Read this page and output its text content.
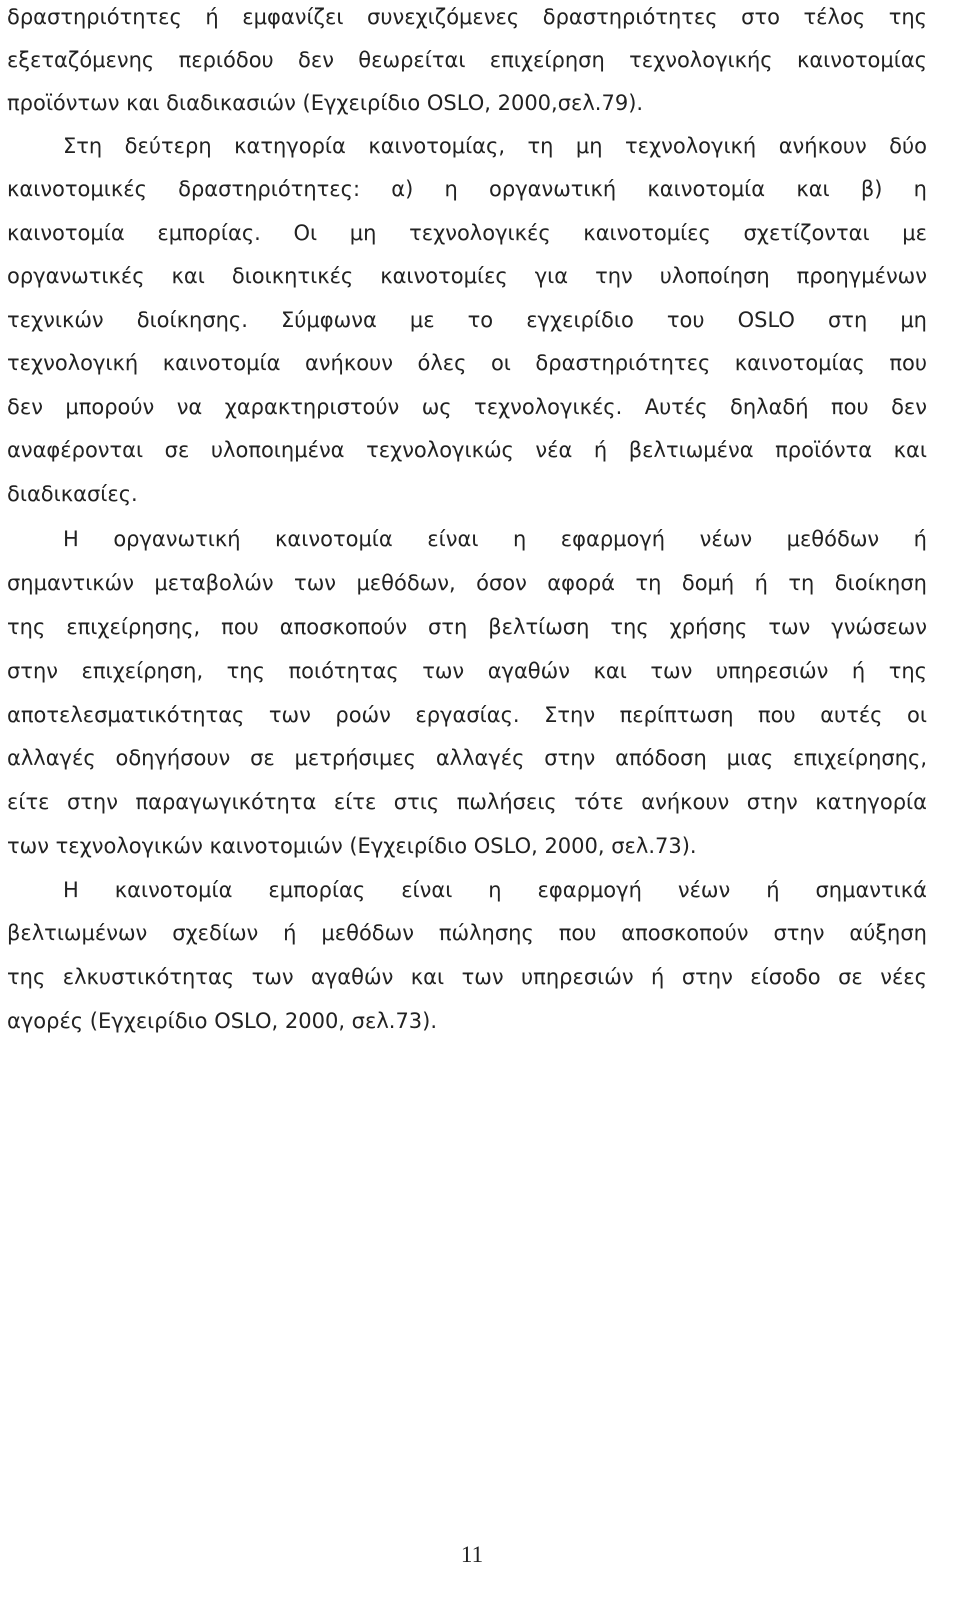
δραστηριότητες ή εμφανίζει συνεχιζόμενες δραστηριότητες στο τέλος της
εξεταζόμενης περιόδου δεν θεωρείται επιχείρηση τεχνολογικής καινοτομίας
προϊόντων και διαδικασιών (Εγχειρίδιο OSLO, 2000,σελ.79).
Στη δεύτερη κατηγορία καινοτομίας, τη μη τεχνολογική ανήκουν δύο
καινοτομικές δραστηριότητες: α) η οργανωτική καινοτομία και β) η
καινοτομία εμπορίας. Οι μη τεχνολογικές καινοτομίες σχετίζονται με
οργανωτικές και διοικητικές καινοτομίες για την υλοποίηση προηγμένων
τεχνικών διοίκησης. Σύμφωνα με το εγχειρίδιο του OSLO στη μη
τεχνολογική καινοτομία ανήκουν όλες οι δραστηριότητες καινοτομίας που
δεν μπορούν να χαρακτηριστούν ως τεχνολογικές. Αυτές δηλαδή που δεν
αναφέρονται σε υλοποιημένα τεχνολογικώς νέα ή βελτιωμένα προϊόντα και
διαδικασίες.
Η οργανωτική καινοτομία είναι η εφαρμογή νέων μεθόδων ή
σημαντικών μεταβολών των μεθόδων, όσον αφορά τη δομή ή τη διοίκηση
της επιχείρησης, που αποσκοπούν στη βελτίωση της χρήσης των γνώσεων
στην επιχείρηση, της ποιότητας των αγαθών και των υπηρεσιών ή της
αποτελεσματικότητας των ροών εργασίας. Στην περίπτωση που αυτές οι
αλλαγές οδηγήσουν σε μετρήσιμες αλλαγές στην απόδοση μιας επιχείρησης,
είτε στην παραγωγικότητα είτε στις πωλήσεις τότε ανήκουν στην κατηγορία
των τεχνολογικών καινοτομιών (Εγχειρίδιο OSLO, 2000, σελ.73).
Η καινοτομία εμπορίας είναι η εφαρμογή νέων ή σημαντικά
βελτιωμένων σχεδίων ή μεθόδων πώλησης που αποσκοπούν στην αύξηση
της ελκυστικότητας των αγαθών και των υπηρεσιών ή στην είσοδο σε νέες
αγορές (Εγχειρίδιο OSLO, 2000, σελ.73).
11
